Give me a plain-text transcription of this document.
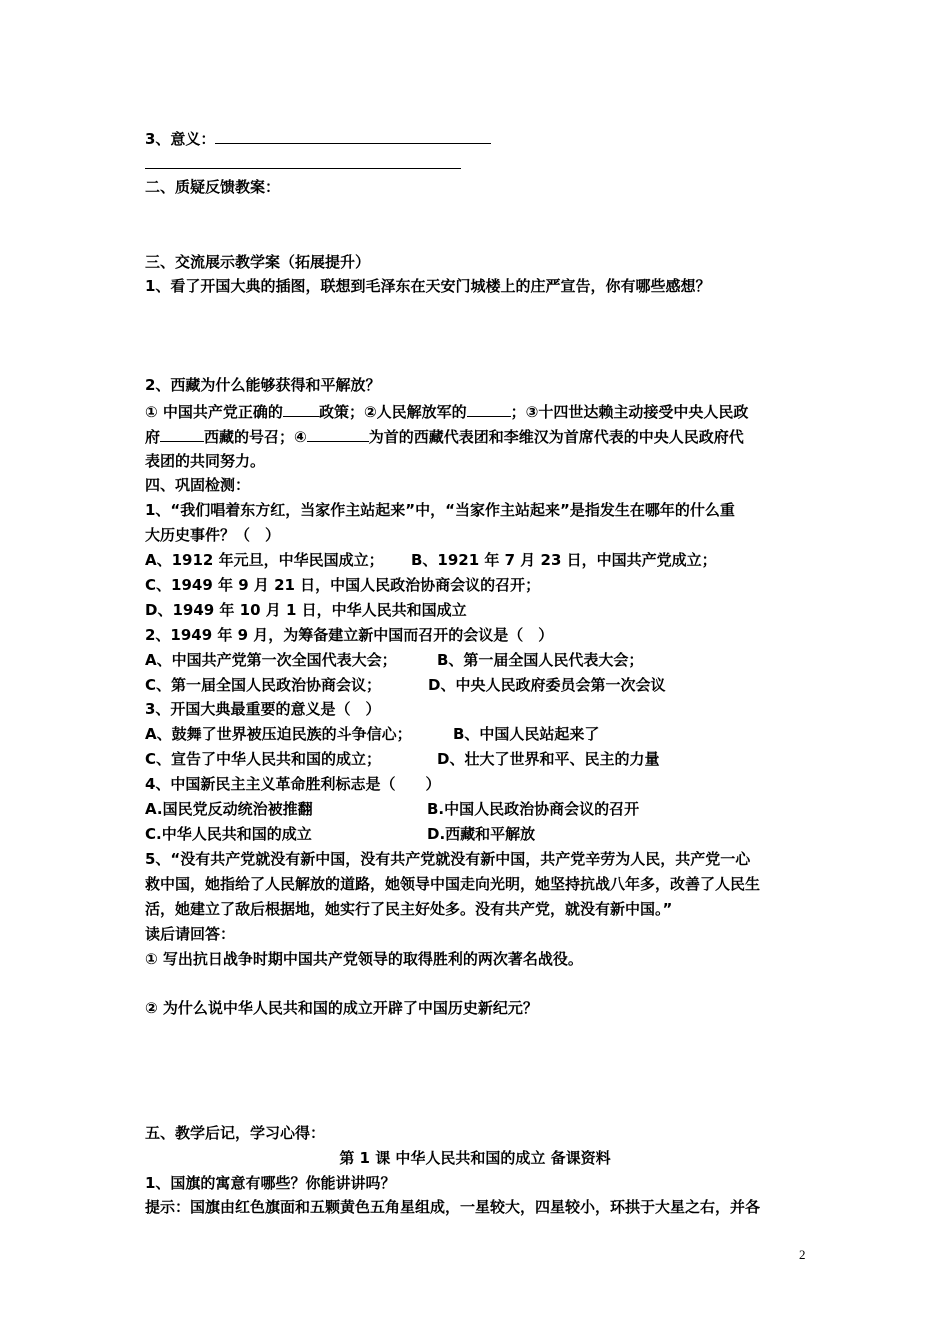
3、意义：
二、质疑反馈教案：
三、交流展示教学案（拓展提升）
1、看了开国大典的插图，联想到毛泽东在天安门城楼上的庄严宣告，你有哪些感想？
2、西藏为什么能够获得和平解放？
① 中国共产党正确的 政策；②人民解放军的	；③十四世达赖主动接受中央人民政
府	西藏的号召；④	为首的西藏代表团和李维汉为首席代表的中央人民政府代
表团的共同努力。
四、巩固检测：
1、“我们唱着东方红，当家作主站起来”中，“当家作主站起来”是指发生在哪年的什么重
大历史事件？（　）
A、1912 年元旦，中华民国成立； B、1921 年 7 月 23 日，中国共产党成立；
C、1949 年 9 月 21 日，中国人民政治协商会议的召开；
D、1949 年 10 月 1 日，中华人民共和国成立
2、1949 年 9 月，为筹备建立新中国而召开的会议是（　）
A、中国共产党第一次全国代表大会；	B、第一届全国人民代表大会；
C、第一届全国人民政治协商会议；	D、中央人民政府委员会第一次会议
3、开国大典最重要的意义是（　）
A、鼓舞了世界被压迫民族的斗争信心；	B、中国人民站起来了
C、宣告了中华人民共和国的成立；	D、壮大了世界和平、民主的力量
4、中国新民主主义革命胜利标志是（　　）
A.国民党反动统治被推翻	B.中国人民政治协商会议的召开
C.中华人民共和国的成立	D.西藏和平解放
5、“没有共产党就没有新中国，没有共产党就没有新中国，共产党辛劳为人民，共产党一心
救中国，她指给了人民解放的道路，她领导中国走向光明，她坚持抗战八年多，改善了人民生
活，她建立了敌后根据地，她实行了民主好处多。没有共产党，就没有新中国。”
读后请回答：
① 写出抗日战争时期中国共产党领导的取得胜利的两次著名战役。
② 为什么说中华人民共和国的成立开辟了中国历史新纪元？
五、教学后记，学习心得：
第 1 课 中华人民共和国的成立 备课资料
1、国旗的寓意有哪些？你能讲讲吗？
提示：国旗由红色旗面和五颗黄色五角星组成，一星较大，四星较小，环拱于大星之右，并各
2
